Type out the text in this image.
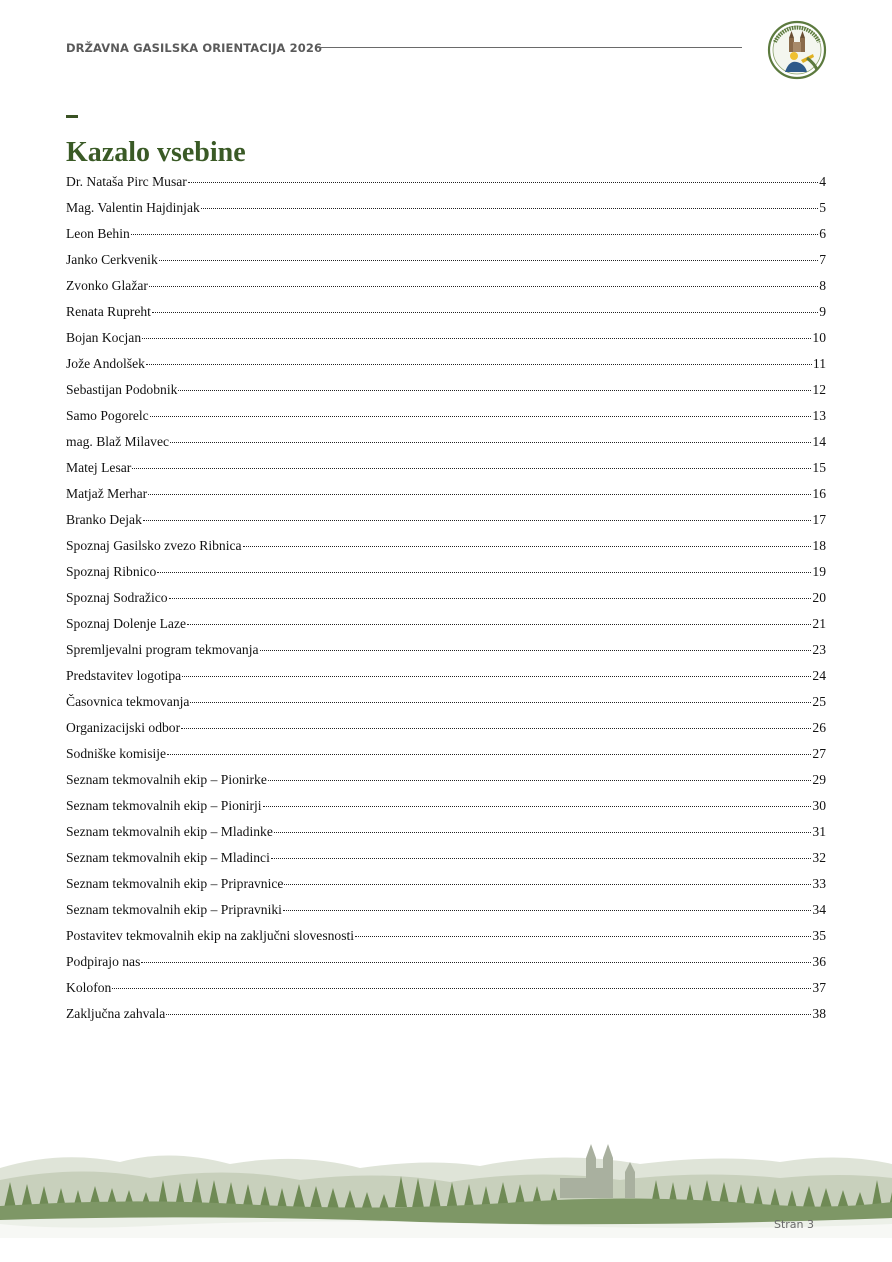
DRŽAVNA GASILSKA ORIENTACIJA 2026
Kazalo vsebine
Dr. Nataša Pirc Musar	4
Mag. Valentin Hajdinjak	5
Leon Behin	6
Janko Cerkvenik	7
Zvonko Glažar	8
Renata Rupreht	9
Bojan Kocjan	10
Jože Andolšek	11
Sebastijan Podobnik	12
Samo Pogorelc	13
mag. Blaž Milavec	14
Matej Lesar	15
Matjaž Merhar	16
Branko Dejak	17
Spoznaj Gasilsko zvezo Ribnica	18
Spoznaj Ribnico	19
Spoznaj Sodražico	20
Spoznaj Dolenje Laze	21
Spremljevalni program tekmovanja	23
Predstavitev logotipa	24
Časovnica tekmovanja	25
Organizacijski odbor	26
Sodniške komisije	27
Seznam tekmovalnih ekip – Pionirke	29
Seznam tekmovalnih ekip – Pionirji	30
Seznam tekmovalnih ekip – Mladinke	31
Seznam tekmovalnih ekip – Mladinci	32
Seznam tekmovalnih ekip – Pripravnice	33
Seznam tekmovalnih ekip – Pripravniki	34
Postavitev tekmovalnih ekip na zaključni slovesnosti	35
Podpirajo nas	36
Kolofon	37
Zaključna zahvala	38
Stran 3
